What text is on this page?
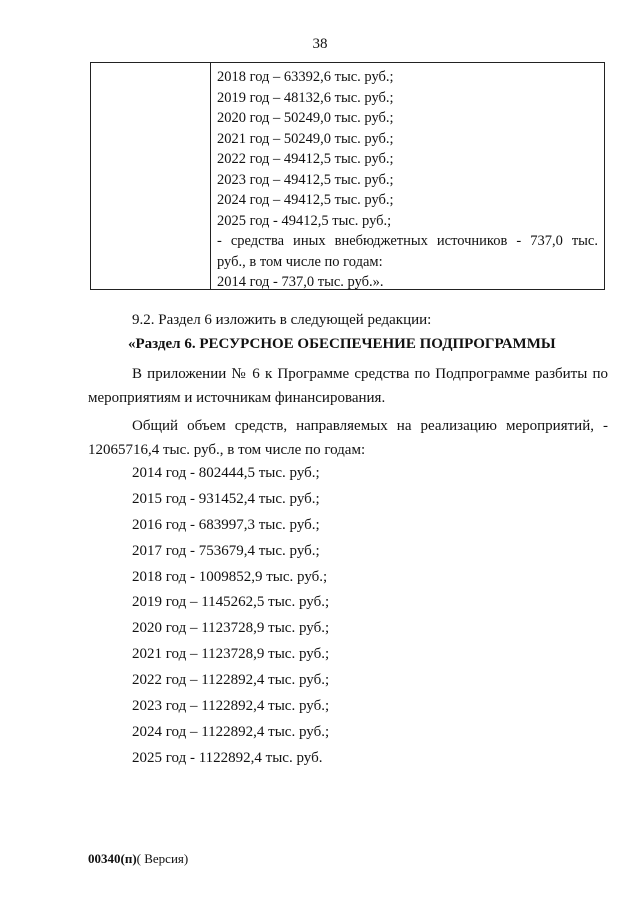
38
2018 год – 63392,6 тыс. руб.;
2019 год – 48132,6 тыс. руб.;
2020 год – 50249,0 тыс. руб.;
2021 год – 50249,0 тыс. руб.;
2022 год – 49412,5 тыс. руб.;
2023 год – 49412,5 тыс. руб.;
2024 год – 49412,5 тыс. руб.;
2025 год - 49412,5 тыс. руб.;
- средства иных внебюджетных источников - 737,0 тыс.
руб., в том числе по годам:
2014 год - 737,0 тыс. руб.».
9.2. Раздел 6 изложить в следующей редакции:
«Раздел 6. РЕСУРСНОЕ ОБЕСПЕЧЕНИЕ ПОДПРОГРАММЫ
В приложении № 6 к Программе средства по Подпрограмме разбиты по мероприятиям и источникам финансирования.
Общий объем средств, направляемых на реализацию мероприятий, - 12065716,4 тыс. руб., в том числе по годам:
2014 год - 802444,5 тыс. руб.;
2015 год - 931452,4 тыс. руб.;
2016 год - 683997,3 тыс. руб.;
2017 год - 753679,4 тыс. руб.;
2018 год - 1009852,9 тыс. руб.;
2019 год – 1145262,5 тыс. руб.;
2020 год – 1123728,9 тыс. руб.;
2021 год – 1123728,9 тыс. руб.;
2022 год – 1122892,4 тыс. руб.;
2023 год – 1122892,4 тыс. руб.;
2024 год – 1122892,4 тыс. руб.;
2025 год - 1122892,4 тыс. руб.
00340(п)( Версия)
